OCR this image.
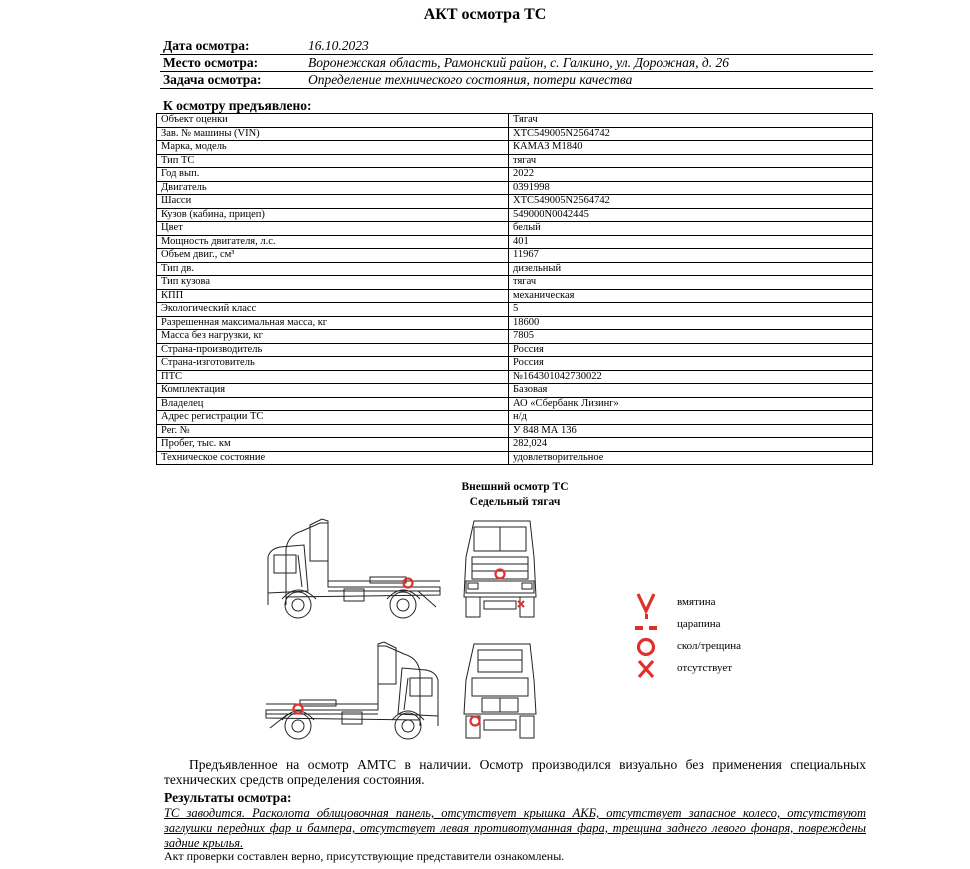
АКТ осмотра ТС
Дата осмотра:	16.10.2023
Место осмотра:	Воронежская область, Рамонский район, с. Галкино, ул. Дорожная, д. 26
Задача осмотра:	Определение технического состояния, потери качества
К осмотру предъявлено:
Объект оценки	Тягач
Зав. № машины (VIN)	XTC549005N2564742
Марка, модель	КАМАЗ М1840
Тип ТС	тягач
Год вып.	2022
Двигатель	0391998
Шасси	XTC549005N2564742
Кузов (кабина, прицеп)	549000N0042445
Цвет	белый
Мощность двигателя, л.с.	401
Объем двиг., см³	11967
Тип дв.	дизельный
Тип кузова	тягач
КПП	механическая
Экологический класс	5
Разрешенная максимальная масса, кг	18600
Масса без нагрузки, кг	7805
Страна-производитель	Россия
Страна-изготовитель	Россия
ПТС	№164301042730022
Комплектация	Базовая
Владелец	АО «Сбербанк Лизинг»
Адрес регистрации ТС	н/д
Рег. №	У 848 МА 136
Пробег, тыс. км	282,024
Техническое состояние	удовлетворительное
Внешний осмотр ТС
Седельный тягач
вмятина
царапина
скол/трещина
отсутствует
Предъявленное на осмотр АМТС в наличии. Осмотр производился визуально без применения специальных технических средств определения состояния.
Результаты осмотра:
ТС заводится. Расколота облицовочная панель, отсутствует крышка АКБ, отсутствует запасное колесо, отсутствуют заглушки передних фар и бампера, отсутствует левая противотуманная фара, трещина заднего левого фонаря, повреждены задние крылья.
Акт проверки составлен верно, присутствующие представители ознакомлены.
